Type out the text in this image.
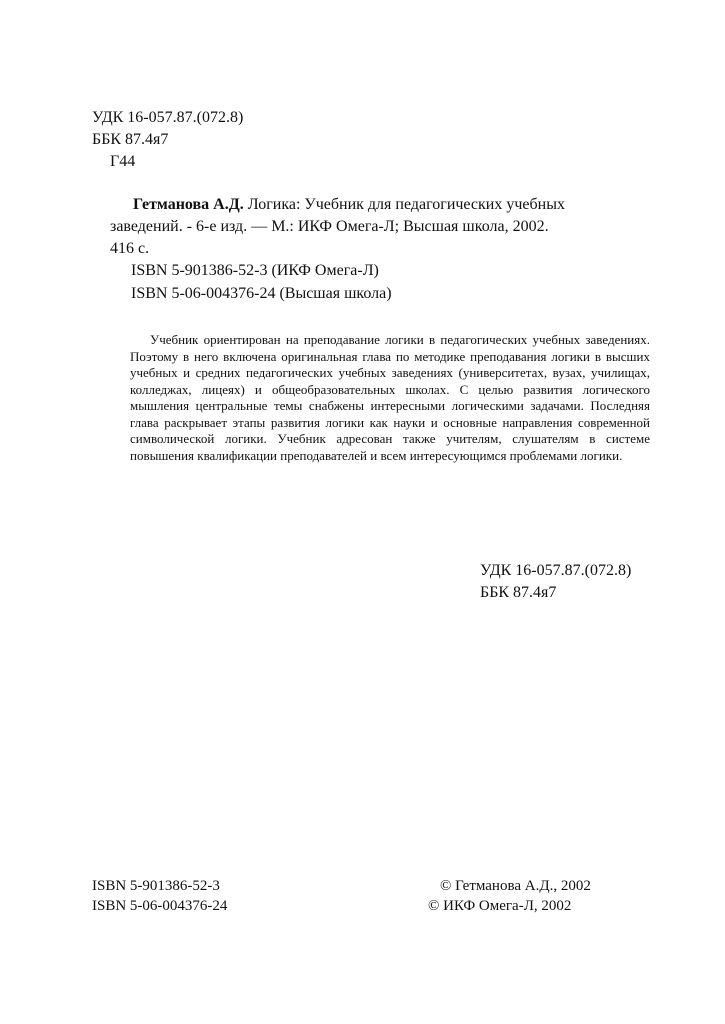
УДК 16-057.87.(072.8)
ББК 87.4я7
Г44
Гетманова А.Д. Логика: Учебник для педагогических учебных
заведений. - 6-е изд. — М.: ИКФ Омега-Л; Высшая школа, 2002.
416 с.
ISBN 5-901386-52-3 (ИКФ Омега-Л)
ISBN 5-06-004376-24 (Высшая школа)
Учебник ориентирован на преподавание логики в педагогических учебных заведениях. Поэтому в него включена оригинальная глава по методике преподавания логики в высших учебных и средних педагогических учебных заведениях (университетах, вузах, училищах, колледжах, лицеях) и общеобразовательных школах. С целью развития логического мышления центральные темы снабжены интересными логическими задачами. Последняя глава раскрывает этапы развития логики как науки и основные направления современной символической логики. Учебник адресован также учителям, слушателям в системе повышения квалификации преподавателей и всем интересующимся проблемами логики.
УДК 16-057.87.(072.8)
ББК 87.4я7
ISBN 5-901386-52-3
ISBN 5-06-004376-24
© Гетманова А.Д., 2002
© ИКФ Омега-Л, 2002
